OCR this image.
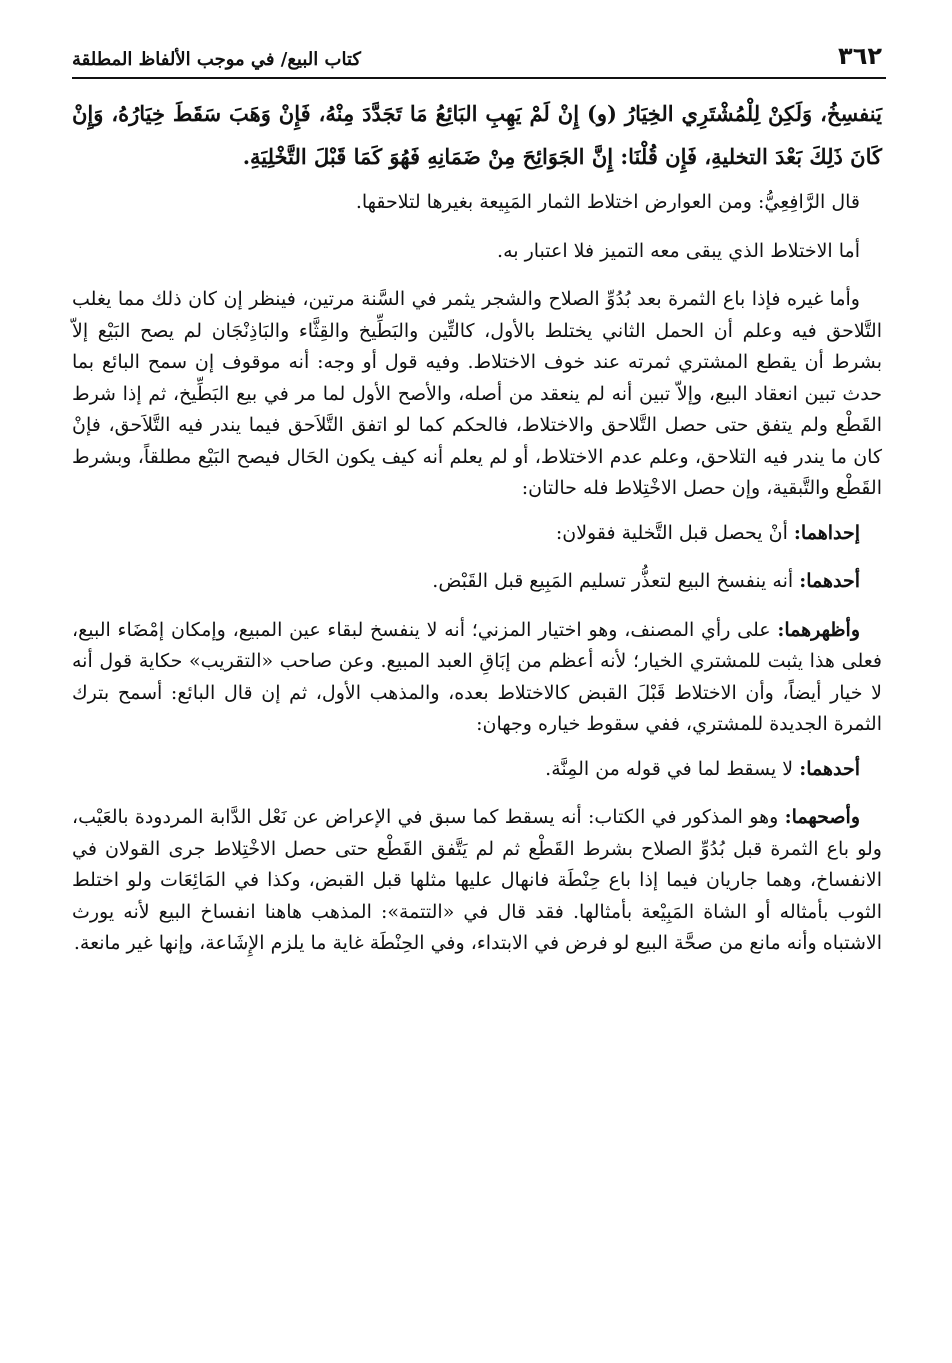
٣٦٢
كتاب البيع/ في موجب الألفاظ المطلقة

يَنفسِخُ، وَلَكِنْ لِلْمُشْتَرِي الخِيَارُ (و) إِنْ لَمْ يَهِبِ البَائِعُ مَا تَجَدَّدَ مِنْهُ، فَإِنْ وَهَبَ سَقَطَ خِيَارُهُ، وَإِنْ كَانَ ذَلِكَ بَعْدَ التخليةِ، فَإِن قُلْنَا: إِنَّ الجَوَائِحَ مِنْ ضَمَانِهِ فَهُوَ كَمَا قَبْلَ التَّخْلِيَةِ.

قال الرَّافِعِيُّ: ومن العوارض اختلاط الثمار المَبِيعة بغيرها لتلاحقها.

أما الاختلاط الذي يبقى معه التميز فلا اعتبار به.

وأما غيره فإذا باع الثمرة بعد بُدُوِّ الصلاح والشجر يثمر في السَّنة مرتين، فينظر إن كان ذلك مما يغلب التَّلاحق فيه وعلم أن الحمل الثاني يختلط بالأول، كالتِّين والبَطِّيخ والقِثَّاء والبَاذِنْجَان لم يصح البَيْع إلاّ بشرط أن يقطع المشتري ثمرته عند خوف الاختلاط. وفيه قول أو وجه: أنه موقوف إن سمح البائع بما حدث تبين انعقاد البيع، وإلاّ تبين أنه لم ينعقد من أصله، والأصح الأول لما مر في بيع البَطِّيخ، ثم إذا شرط القَطْع ولم يتفق حتى حصل التَّلاحق والاختلاط، فالحكم كما لو اتفق التَّلاَحق فيما يندر فيه التَّلاَحق، فإنْ كان ما يندر فيه التلاحق، وعلم عدم الاختلاط، أو لم يعلم أنه كيف يكون الحَال فيصح البَيْع مطلقاً، وبشرط القَطْع والتَّبقية، وإن حصل الاخْتِلاط فله حالتان:

إحداهما: أنْ يحصل قبل التَّخلية فقولان:

أحدهما: أنه ينفسخ البيع لتعذُّر تسليم المَبِيع قبل القَبْض.

وأظهرهما: على رأي المصنف، وهو اختيار المزني؛ أنه لا ينفسخ لبقاء عين المبيع، وإمكان إمْضَاء البيع، فعلى هذا يثبت للمشتري الخيار؛ لأنه أعظم من إبَاقِ العبد المبيع. وعن صاحب «التقريب» حكاية قول أنه لا خيار أيضاً، وأن الاختلاط قَبْلَ القبض كالاختلاط بعده، والمذهب الأول، ثم إن قال البائع: أسمح بترك الثمرة الجديدة للمشتري، ففي سقوط خياره وجهان:

أحدهما: لا يسقط لما في قوله من المِنَّة.

وأصحهما: وهو المذكور في الكتاب: أنه يسقط كما سبق في الإعراض عن نَعْل الدَّابة المردودة بالعَيْب، ولو باع الثمرة قبل بُدُوِّ الصلاح بشرط القَطْع ثم لم يَتَّفق القَطْع حتى حصل الاخْتِلاط جرى القولان في الانفساخ، وهما جاريان فيما إذا باع حِنْطَة فانهال عليها مثلها قبل القبض، وكذا في المَائِعَات ولو اختلط الثوب بأمثاله أو الشاة المَبِيْعة بأمثالها. فقد قال في «التتمة»: المذهب هاهنا انفساخ البيع لأنه يورث الاشتباه وأنه مانع من صحَّة البيع لو فرض في الابتداء، وفي الحِنْطَة غاية ما يلزم الإِشَاعة، وإنها غير مانعة.
